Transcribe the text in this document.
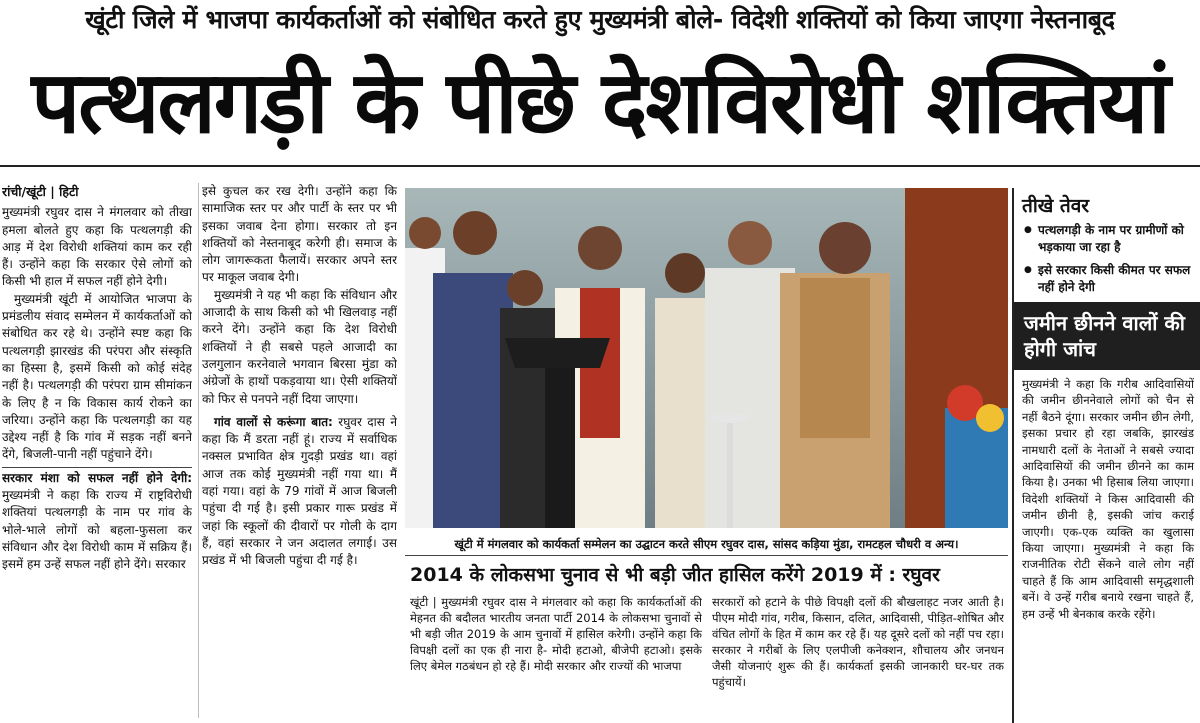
खूंटी जिले में भाजपा कार्यकर्ताओं को संबोधित करते हुए मुख्यमंत्री बोले- विदेशी शक्तियों को किया जाएगा नेस्तनाबूद
पत्थलगड़ी के पीछे देशविरोधी शक्तियां
रांची/खूंटी | हिटी

मुख्यमंत्री रघुवर दास ने मंगलवार को तीखा हमला बोलते हुए कहा कि पत्थलगड़ी की आड़ में देश विरोधी शक्तियां काम कर रही हैं। उन्होंने कहा कि सरकार ऐसे लोगों को किसी भी हाल में सफल नहीं होने देगी।

मुख्यमंत्री खूंटी में आयोजित भाजपा के प्रमंडलीय संवाद सम्मेलन में कार्यकर्ताओं को संबोधित कर रहे थे। उन्होंने स्पष्ट कहा कि पत्थलगड़ी झारखंड की परंपरा और संस्कृति का हिस्सा है, इसमें किसी को कोई संदेह नहीं है। पत्थलगड़ी की परंपरा ग्राम सीमांकन के लिए है न कि विकास कार्य रोकने का जरिया। उन्होंने कहा कि पत्थलगड़ी का यह उद्देश्य नहीं है कि गांव में सड़क नहीं बनने देंगे, बिजली-पानी नहीं पहुंचाने देंगे।

सरकार मंशा को सफल नहीं होने देगी: मुख्यमंत्री ने कहा कि राज्य में राष्ट्रविरोधी शक्तियां पत्थलगड़ी के नाम पर गांव के भोले-भाले लोगों को बहला-फुसला कर संविधान और देश विरोधी काम में सक्रिय हैं। इसमें हम उन्हें सफल नहीं होने देंगे। सरकार

इसे कुचल कर रख देगी। उन्होंने कहा कि सामाजिक स्तर पर और पार्टी के स्तर पर भी इसका जवाब देना होगा। सरकार तो इन शक्तियों को नेस्तनाबूद करेगी ही। समाज के लोग जागरूकता फैलायें। सरकार अपने स्तर पर माकूल जवाब देगी।

मुख्यमंत्री ने यह भी कहा कि संविधान और आजादी के साथ किसी को भी खिलवाड़ नहीं करने देंगे। उन्होंने कहा कि देश विरोधी शक्तियों ने ही सबसे पहले आजादी का उलगुलान करनेवाले भगवान बिरसा मुंडा को अंग्रेजों के हाथों पकड़वाया था। ऐसी शक्तियों को फिर से पनपने नहीं दिया जाएगा।

गांव वालों से करूंगा बात: रघुवर दास ने कहा कि मैं डरता नहीं हूं। राज्य में सर्वाधिक नक्सल प्रभावित क्षेत्र गुदड़ी प्रखंड था। वहां आज तक कोई मुख्यमंत्री नहीं गया था। मैं वहां गया। वहां के 79 गांवों में आज बिजली पहुंचा दी गई है। इसी प्रकार गारू प्रखंड में जहां कि स्कूलों की दीवारों पर गोली के दाग हैं, वहां सरकार ने जन अदालत लगाई। उस प्रखंड में भी बिजली पहुंचा दी गई है।

खूंटी में मंगलवार को कार्यकर्ता सम्मेलन का उद्घाटन करते सीएम रघुवर दास, सांसद कड़िया मुंडा, रामटहल चौधरी व अन्य।
2014 के लोकसभा चुनाव से भी बड़ी जीत हासिल करेंगे 2019 में : रघुवर

खूंटी | मुख्यमंत्री रघुवर दास ने मंगलवार को कहा कि कार्यकर्ताओं की मेहनत की बदौलत भारतीय जनता पार्टी 2014 के लोकसभा चुनावों से भी बड़ी जीत 2019 के आम चुनावों में हासिल करेगी। उन्होंने कहा कि विपक्षी दलों का एक ही नारा है- मोदी हटाओ, बीजेपी हटाओ। इसके लिए बेमेल गठबंधन हो रहे हैं। मोदी सरकार और राज्यों की भाजपा

सरकारों को हटाने के पीछे विपक्षी दलों की बौखलाहट नजर आती है। पीएम मोदी गांव, गरीब, किसान, दलित, आदिवासी, पीड़ित-शोषित और वंचित लोगों के हित में काम कर रहे हैं। यह दूसरे दलों को नहीं पच रहा। सरकार ने गरीबों के लिए एलपीजी कनेक्शन, शौचालय और जनधन जैसी योजनाएं शुरू की हैं। कार्यकर्ता इसकी जानकारी घर-घर तक पहुंचायें।

तीखे तेवर
● पत्थलगड़ी के नाम पर ग्रामीणों को भड़काया जा रहा है
● इसे सरकार किसी कीमत पर सफल नहीं होने देगी
जमीन छीनने वालों की होगी जांच
मुख्यमंत्री ने कहा कि गरीब आदिवासियों की जमीन छीननेवाले लोगों को चैन से नहीं बैठने दूंगा। सरकार जमीन छीन लेगी, इसका प्रचार हो रहा जबकि, झारखंड नामधारी दलों के नेताओं ने सबसे ज्यादा आदिवासियों की जमीन छीनने का काम किया है। उनका भी हिसाब लिया जाएगा। विदेशी शक्तियों ने किस आदिवासी की जमीन छीनी है, इसकी जांच कराई जाएगी। एक-एक व्यक्ति का खुलासा किया जाएगा। मुख्यमंत्री ने कहा कि राजनीतिक रोटी सेंकने वाले लोग नहीं चाहते हैं कि आम आदिवासी समृद्धशाली बनें। वे उन्हें गरीब बनाये रखना चाहते हैं, हम उन्हें भी बेनकाब करके रहेंगे।
